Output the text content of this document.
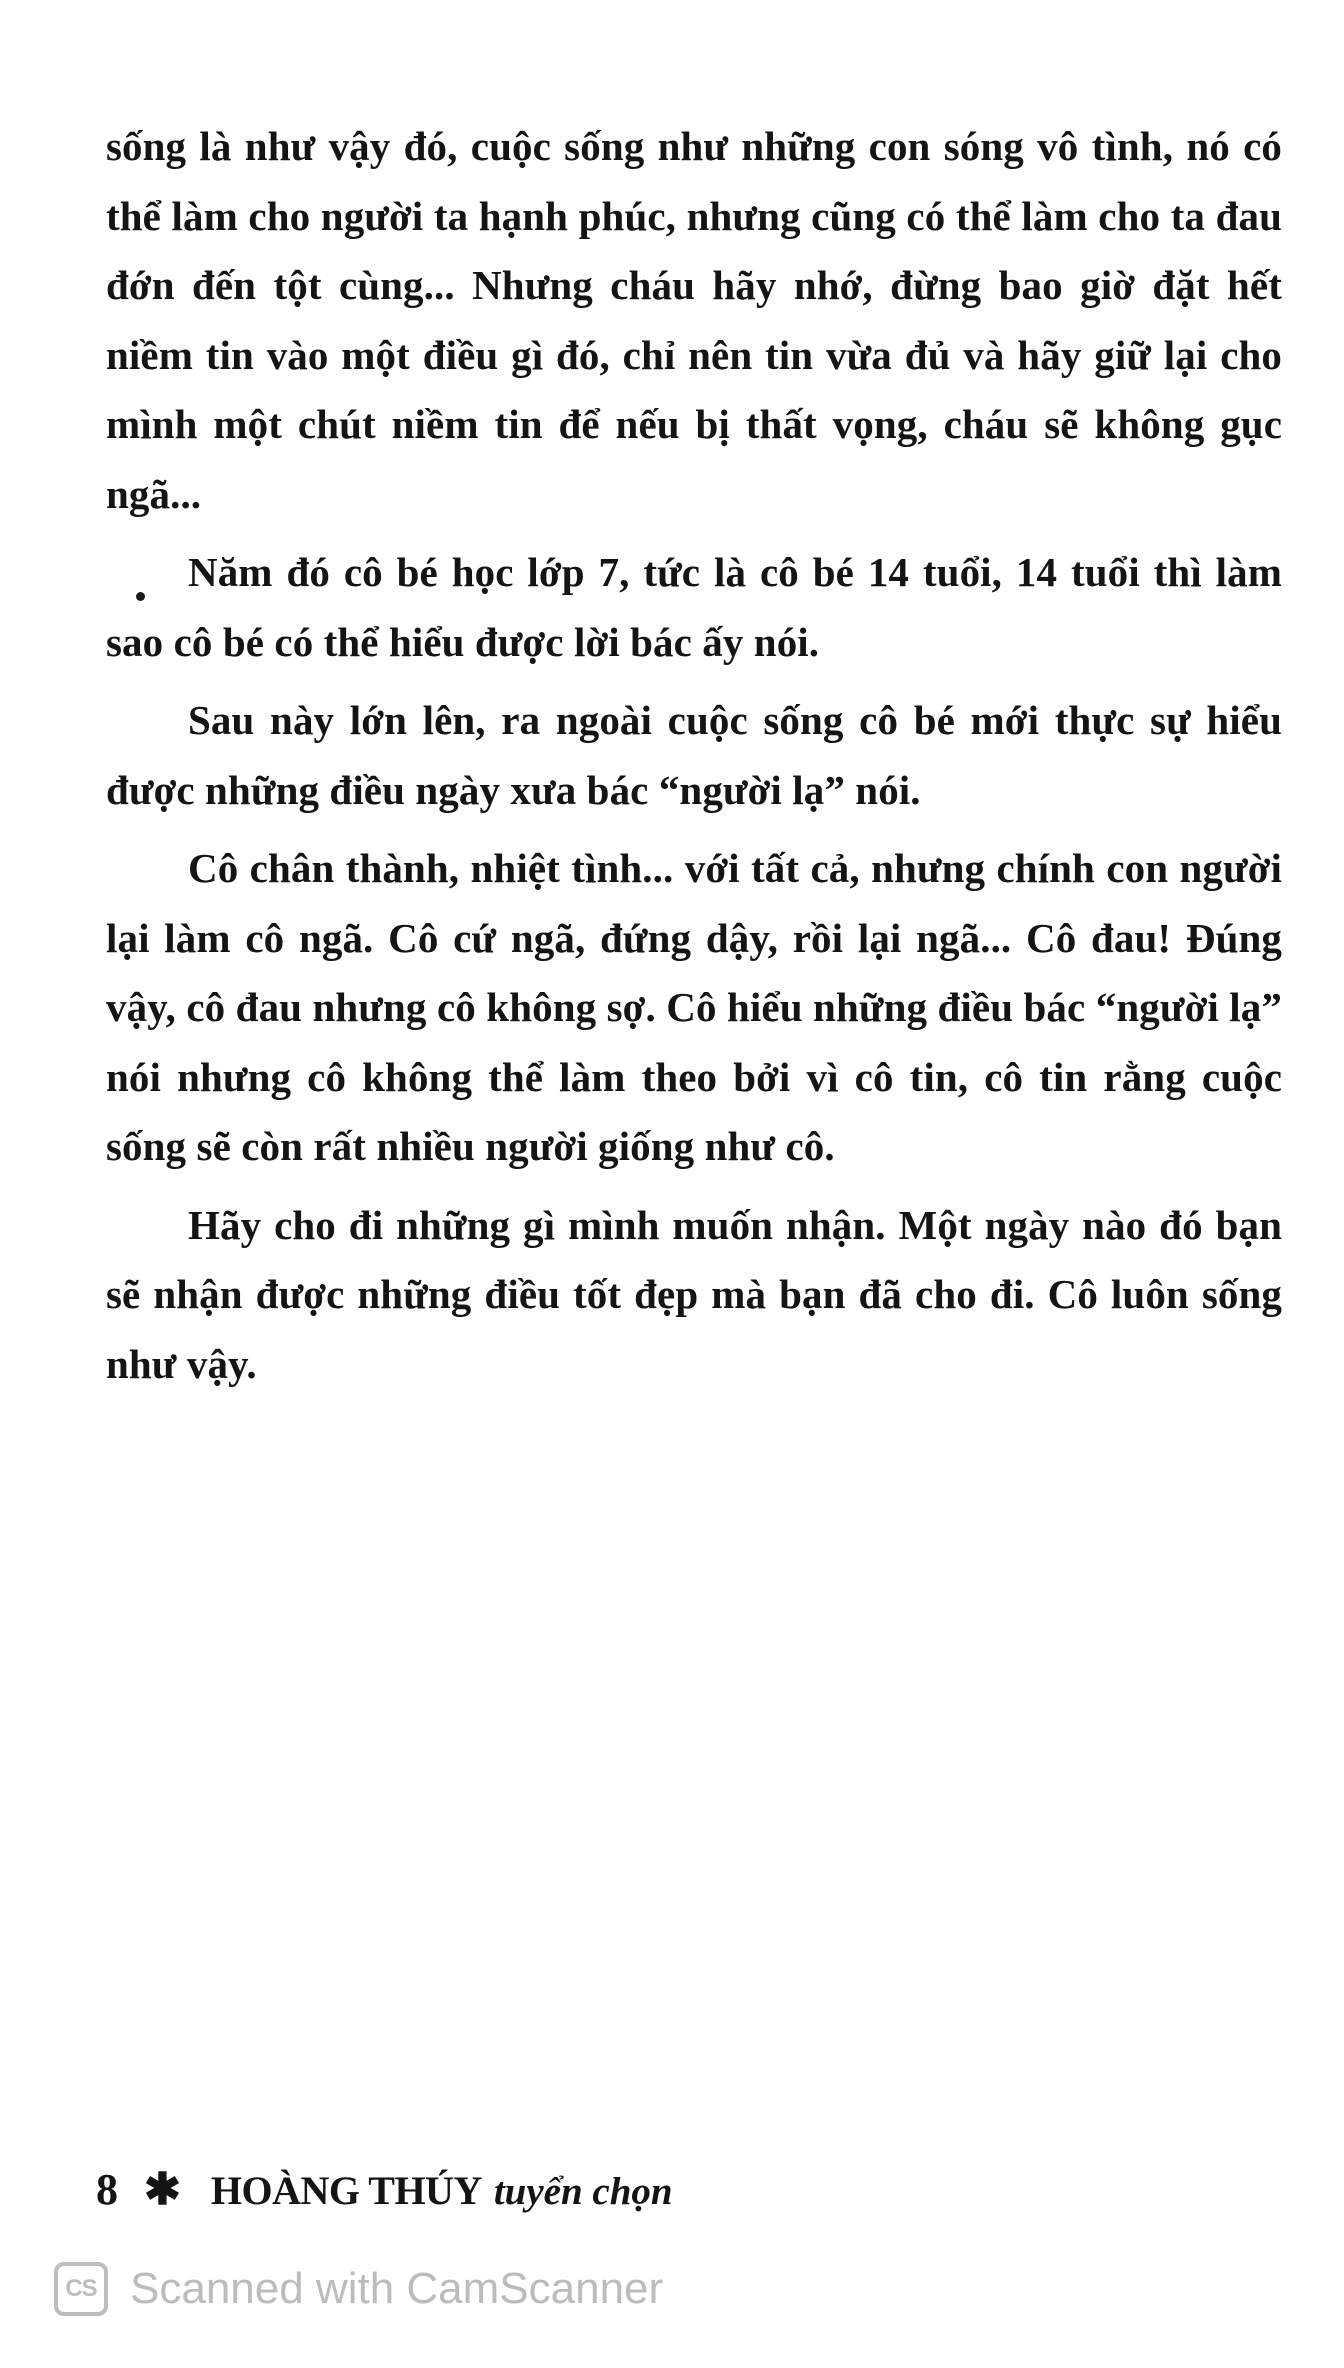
sống là như vậy đó, cuộc sống như những con sóng vô tình, nó có thể làm cho người ta hạnh phúc, nhưng cũng có thể làm cho ta đau đớn đến tột cùng... Nhưng cháu hãy nhớ, đừng bao giờ đặt hết niềm tin vào một điều gì đó, chỉ nên tin vừa đủ và hãy giữ lại cho mình một chút niềm tin để nếu bị thất vọng, cháu sẽ không gục ngã...

Năm đó cô bé học lớp 7, tức là cô bé 14 tuổi, 14 tuổi thì làm sao cô bé có thể hiểu được lời bác ấy nói.

Sau này lớn lên, ra ngoài cuộc sống cô bé mới thực sự hiểu được những điều ngày xưa bác “người lạ” nói.

Cô chân thành, nhiệt tình... với tất cả, nhưng chính con người lại làm cô ngã. Cô cứ ngã, đứng dậy, rồi lại ngã... Cô đau! Đúng vậy, cô đau nhưng cô không sợ. Cô hiểu những điều bác “người lạ” nói nhưng cô không thể làm theo bởi vì cô tin, cô tin rằng cuộc sống sẽ còn rất nhiều người giống như cô.

Hãy cho đi những gì mình muốn nhận. Một ngày nào đó bạn sẽ nhận được những điều tốt đẹp mà bạn đã cho đi. Cô luôn sống như vậy.

8 ✱ HOÀNG THÚY tuyển chọn
CS Scanned with CamScanner
